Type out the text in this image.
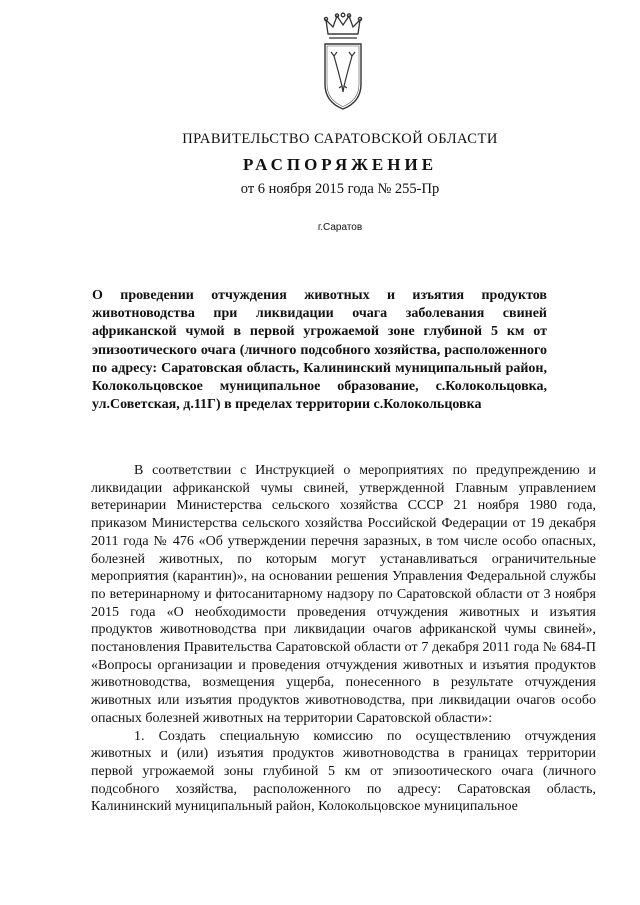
ПРАВИТЕЛЬСТВО САРАТОВСКОЙ ОБЛАСТИ
РАСПОРЯЖЕНИЕ
от 6 ноября 2015 года № 255-Пр
г.Саратов
О проведении отчуждения животных и изъятия продуктов животноводства при ликвидации очага заболевания свиней африканской чумой в первой угрожаемой зоне глубиной 5 км от эпизоотического очага (личного подсобного хозяйства, расположенного по адресу: Саратовская область, Калининский муниципальный район, Колокольцовское муниципальное образование, с.Колокольцовка, ул.Советская, д.11Г) в пределах территории с.Колокольцовка

В соответствии с Инструкцией о мероприятиях по предупреждению и ликвидации африканской чумы свиней, утвержденной Главным управлением ветеринарии Министерства сельского хозяйства СССР 21 ноября 1980 года, приказом Министерства сельского хозяйства Российской Федерации от 19 декабря 2011 года № 476 «Об утверждении перечня заразных, в том числе особо опасных, болезней животных, по которым могут устанавливаться ограничительные мероприятия (карантин)», на основании решения Управления Федеральной службы по ветеринарному и фитосанитарному надзору по Саратовской области от 3 ноября 2015 года «О необходимости проведения отчуждения животных и изъятия продуктов животноводства при ликвидации очагов африканской чумы свиней», постановления Правительства Саратовской области от 7 декабря 2011 года № 684-П «Вопросы организации и проведения отчуждения животных и изъятия продуктов животноводства, возмещения ущерба, понесенного в результате отчуждения животных или изъятия продуктов животноводства, при ликвидации очагов особо опасных болезней животных на территории Саратовской области»:

1. Создать специальную комиссию по осуществлению отчуждения животных и (или) изъятия продуктов животноводства в границах территории первой угрожаемой зоны глубиной 5 км от эпизоотического очага (личного подсобного хозяйства, расположенного по адресу: Саратовская область, Калининский муниципальный район, Колокольцовское муниципальное
